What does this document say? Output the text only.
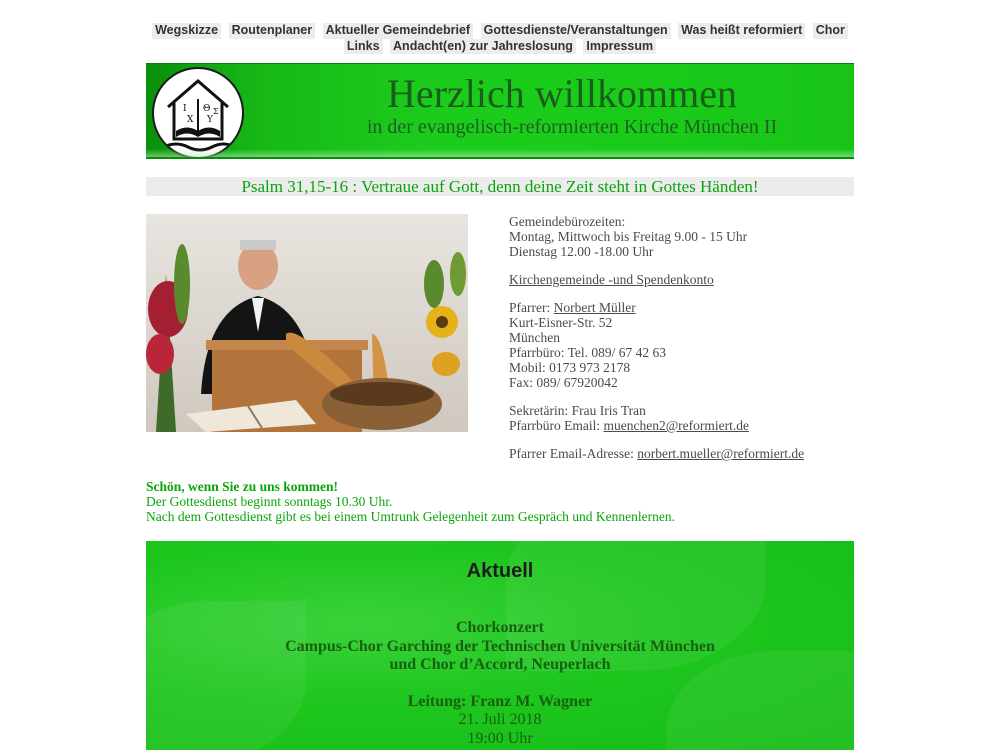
Wegskizze Routenplaner Aktueller Gemeindebrief Gottesdienste/Veranstaltungen Was heißt reformiert Chor Links Andacht(en) zur Jahreslosung Impressum
I
X
Θ
Y
Σ	Herzlich willkommen
in der evangelisch-reformierten Kirche München II
Psalm 31,15-16 : Vertraue auf Gott, denn deine Zeit steht in Gottes Händen!

Gemeindebürozeiten:
Montag, Mittwoch bis Freitag 9.00 - 15 Uhr
Dienstag 12.00 -18.00 Uhr

Kirchengemeinde -und Spendenkonto

Pfarrer: Norbert Müller
Kurt-Eisner-Str. 52
München
Pfarrbüro: Tel. 089/ 67 42 63
Mobil: 0173 973 2178
Fax: 089/ 67920042

Sekretärin: Frau Iris Tran
Pfarrbüro Email: muenchen2@reformiert.de

Pfarrer Email-Adresse: norbert.mueller@reformiert.de

Schön, wenn Sie zu uns kommen!
Der Gottesdienst beginnt sonntags 10.30 Uhr.
Nach dem Gottesdienst gibt es bei einem Umtrunk Gelegenheit zum Gespräch und Kennenlernen.
Aktuell
Chorkonzert
Campus-Chor Garching der Technischen Universität München
und Chor d’Accord, Neuperlach
Leitung: Franz M. Wagner
21. Juli 2018
19:00 Uhr
